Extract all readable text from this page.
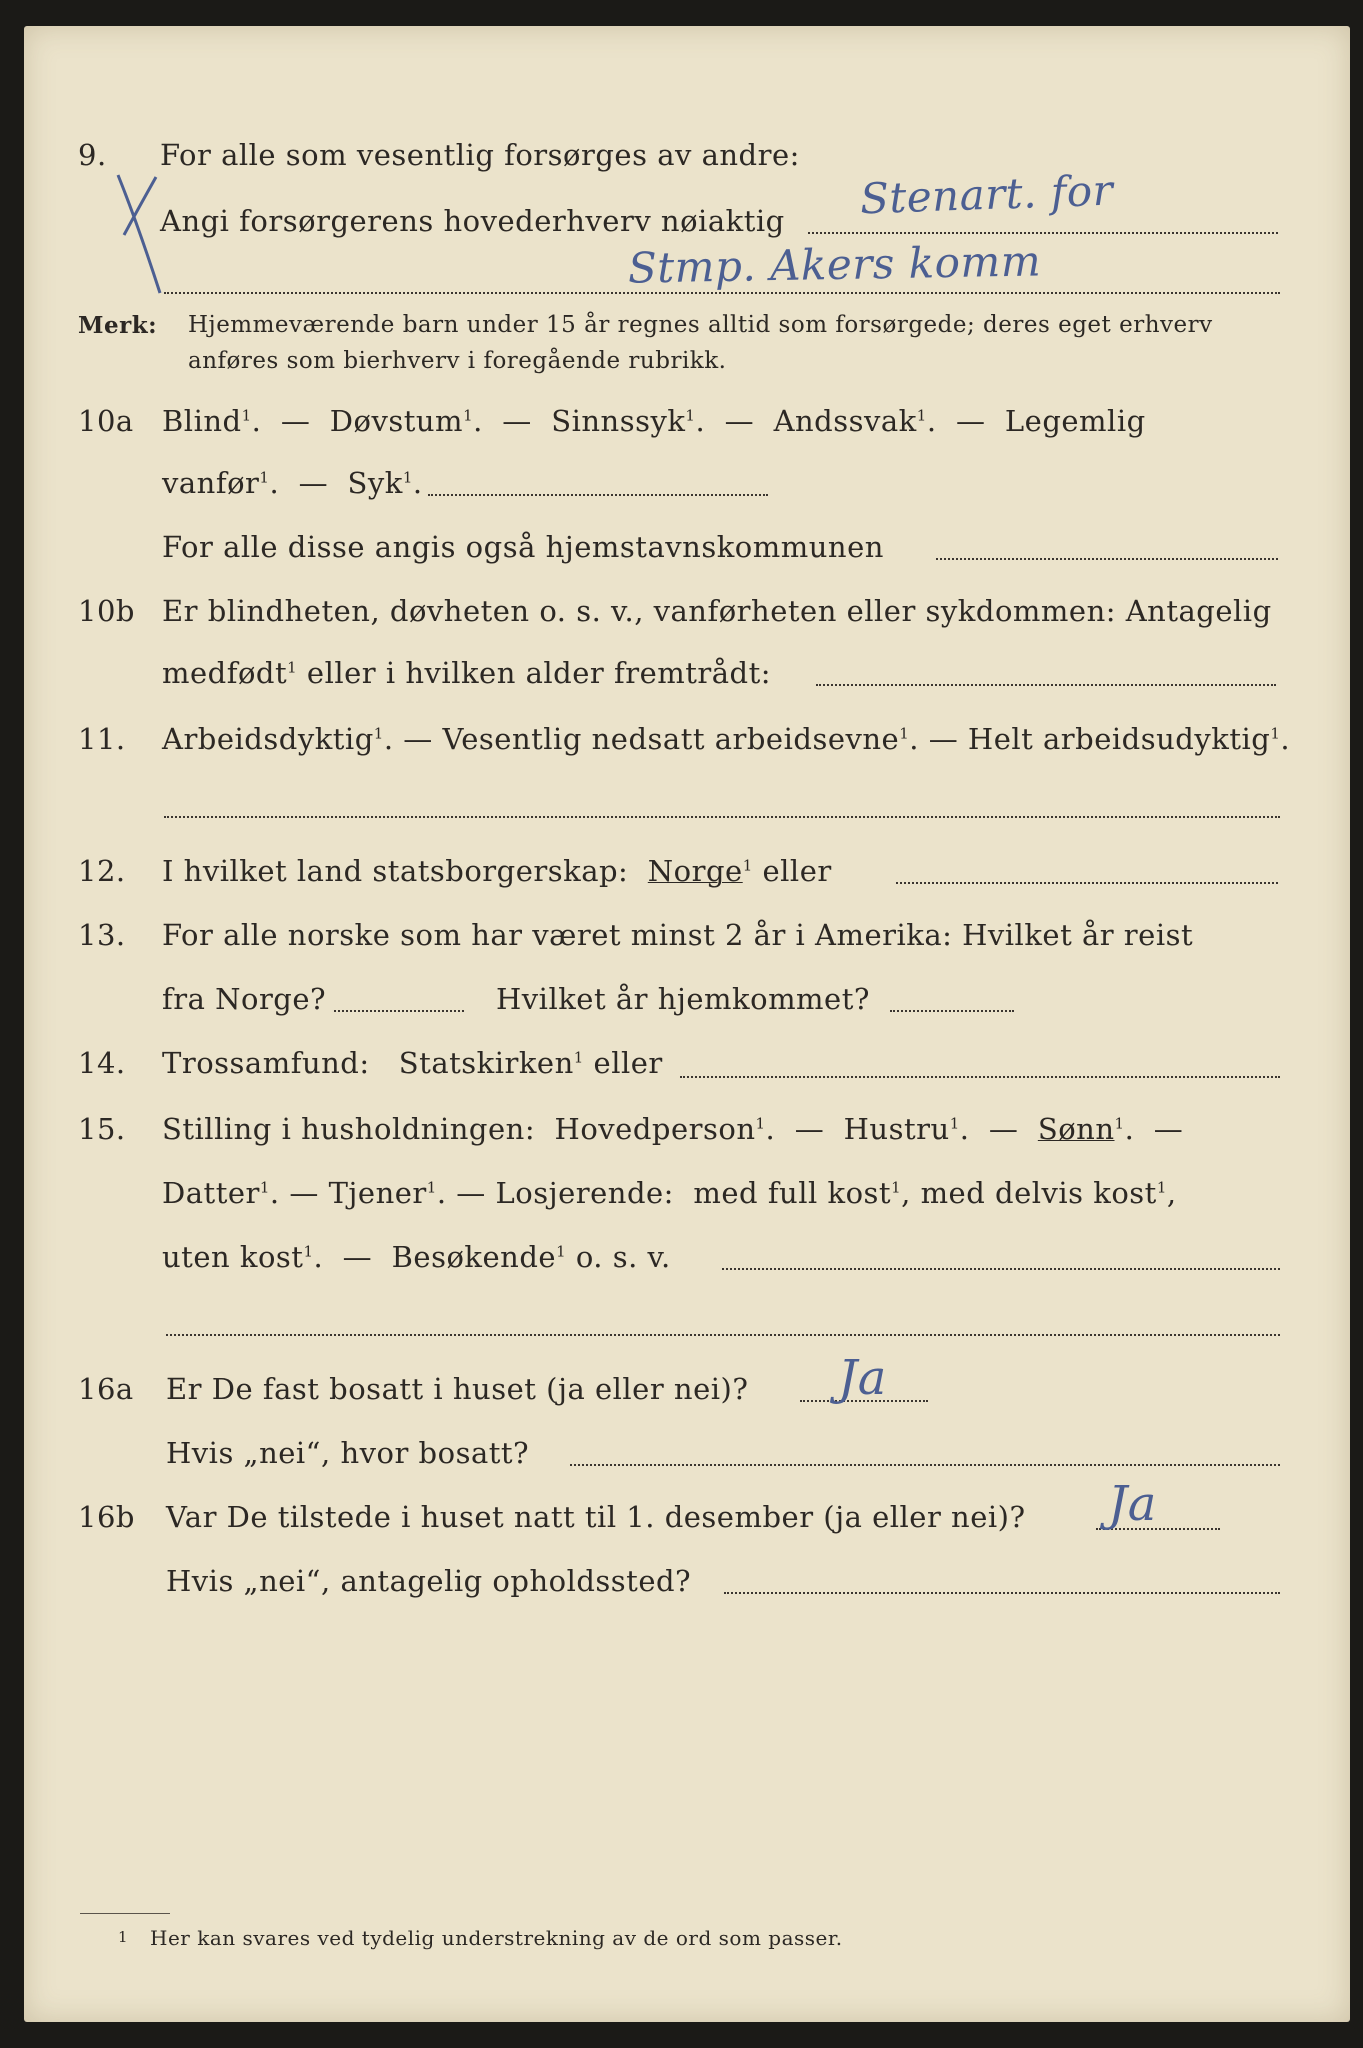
9. For alle som vesentlig forsørges av andre:
Angi forsørgerens hovederhverv nøiaktig Stenart. for
Stmp. Akers komm
Merk: Hjemmeværende barn under 15 år regnes alltid som forsørgede; deres eget erhverv
anføres som bierhverv i foregående rubrikk.
10a Blind$^1$. — Døvstum$^1$. — Sinnssyk$^1$. — Andssvak$^1$. — Legemlig
vanfør$^1$. — Syk$^1$.
For alle disse angis også hjemstavnskommunen
10b Er blindheten, døvheten o. s. v., vanførheten eller sykdommen: Antagelig
medfødt$^1$ eller i hvilken alder fremtrådt:
11. Arbeidsdyktig$^1$. — Vesentlig nedsatt arbeidsevne$^1$. — Helt arbeidsudyktig$^1$.
12. I hvilket land statsborgerskap: Norge$^1$ eller
13. For alle norske som har været minst 2 år i Amerika: Hvilket år reist
fra Norge?	Hvilket år hjemkommet?
14. Trossamfund: Statskirken$^1$ eller
15. Stilling i husholdningen: Hovedperson$^1$. — Hustru$^1$. — Sønn$^1$. —
Datter$^1$. — Tjener$^1$. — Losjerende: med full kost$^1$, med delvis kost$^1$,
uten kost$^1$. — Besøkende$^1$ o. s. v.
16a Er De fast bosatt i huset (ja eller nei)? Ja
Hvis „nei“, hvor bosatt?
16b Var De tilstede i huset natt til 1. desember (ja eller nei)? Ja
Hvis „nei“, antagelig opholdssted?
1 Her kan svares ved tydelig understrekning av de ord som passer.
